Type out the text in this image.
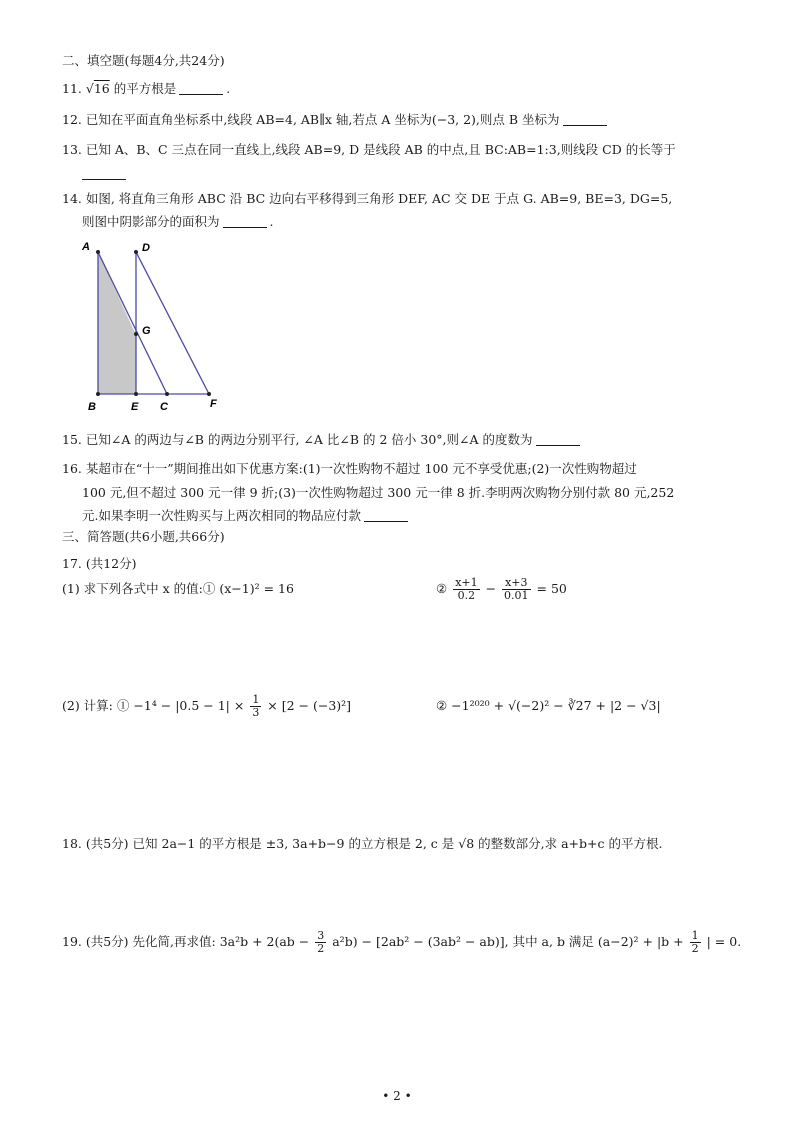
二、填空题(每题4分,共24分)
11. √16 的平方根是	.
12. 已知在平面直角坐标系中,线段 AB=4, AB∥x 轴,若点 A 坐标为(−3, 2),则点 B 坐标为
13. 已知 A、B、C 三点在同一直线上,线段 AB=9, D 是线段 AB 的中点,且 BC:AB=1:3,则线段 CD 的长等于
14. 如图, 将直角三角形 ABC 沿 BC 边向右平移得到三角形 DEF, AC 交 DE 于点 G. AB=9, BE=3, DG=5,
则图中阴影部分的面积为	.
A	D
G
B	E C	F
15. 已知∠A 的两边与∠B 的两边分别平行, ∠A 比∠B 的 2 倍小 30°,则∠A 的度数为
16. 某超市在“十一”期间推出如下优惠方案:(1)一次性购物不超过 100 元不享受优惠;(2)一次性购物超过
100 元,但不超过 300 元一律 9 折;(3)一次性购物超过 300 元一律 8 折.李明两次购物分别付款 80 元,252
元.如果李明一次性购买与上两次相同的物品应付款
三、简答题(共6小题,共66分)
17. (共12分)
(1) 求下列各式中 x 的值:① (x−1)² = 16	② $\frac{x+1}{0.2} - \frac{x+3}{0.01} = 50$
(2) 计算: ① $-1^4 - |0.5 - 1| \times \frac{1}{3} \times [2 - (-3)^2]$	② −1²⁰²⁰ + √(−2)² − ∛27 + |2 − √3|
18. (共5分) 已知 2a−1 的平方根是 ±3, 3a+b−9 的立方根是 2, c 是 √8 的整数部分,求 a+b+c 的平方根.
19. (共5分) 先化简,再求值: $3a^2b + 2(ab - \frac{3}{2} a^2b) - [2ab^2 - (3ab^2 - ab)]$, 其中 a, b 满足 $(a-2)^2 + |b + \frac{1}{2}$ | = 0.
• 2 •
